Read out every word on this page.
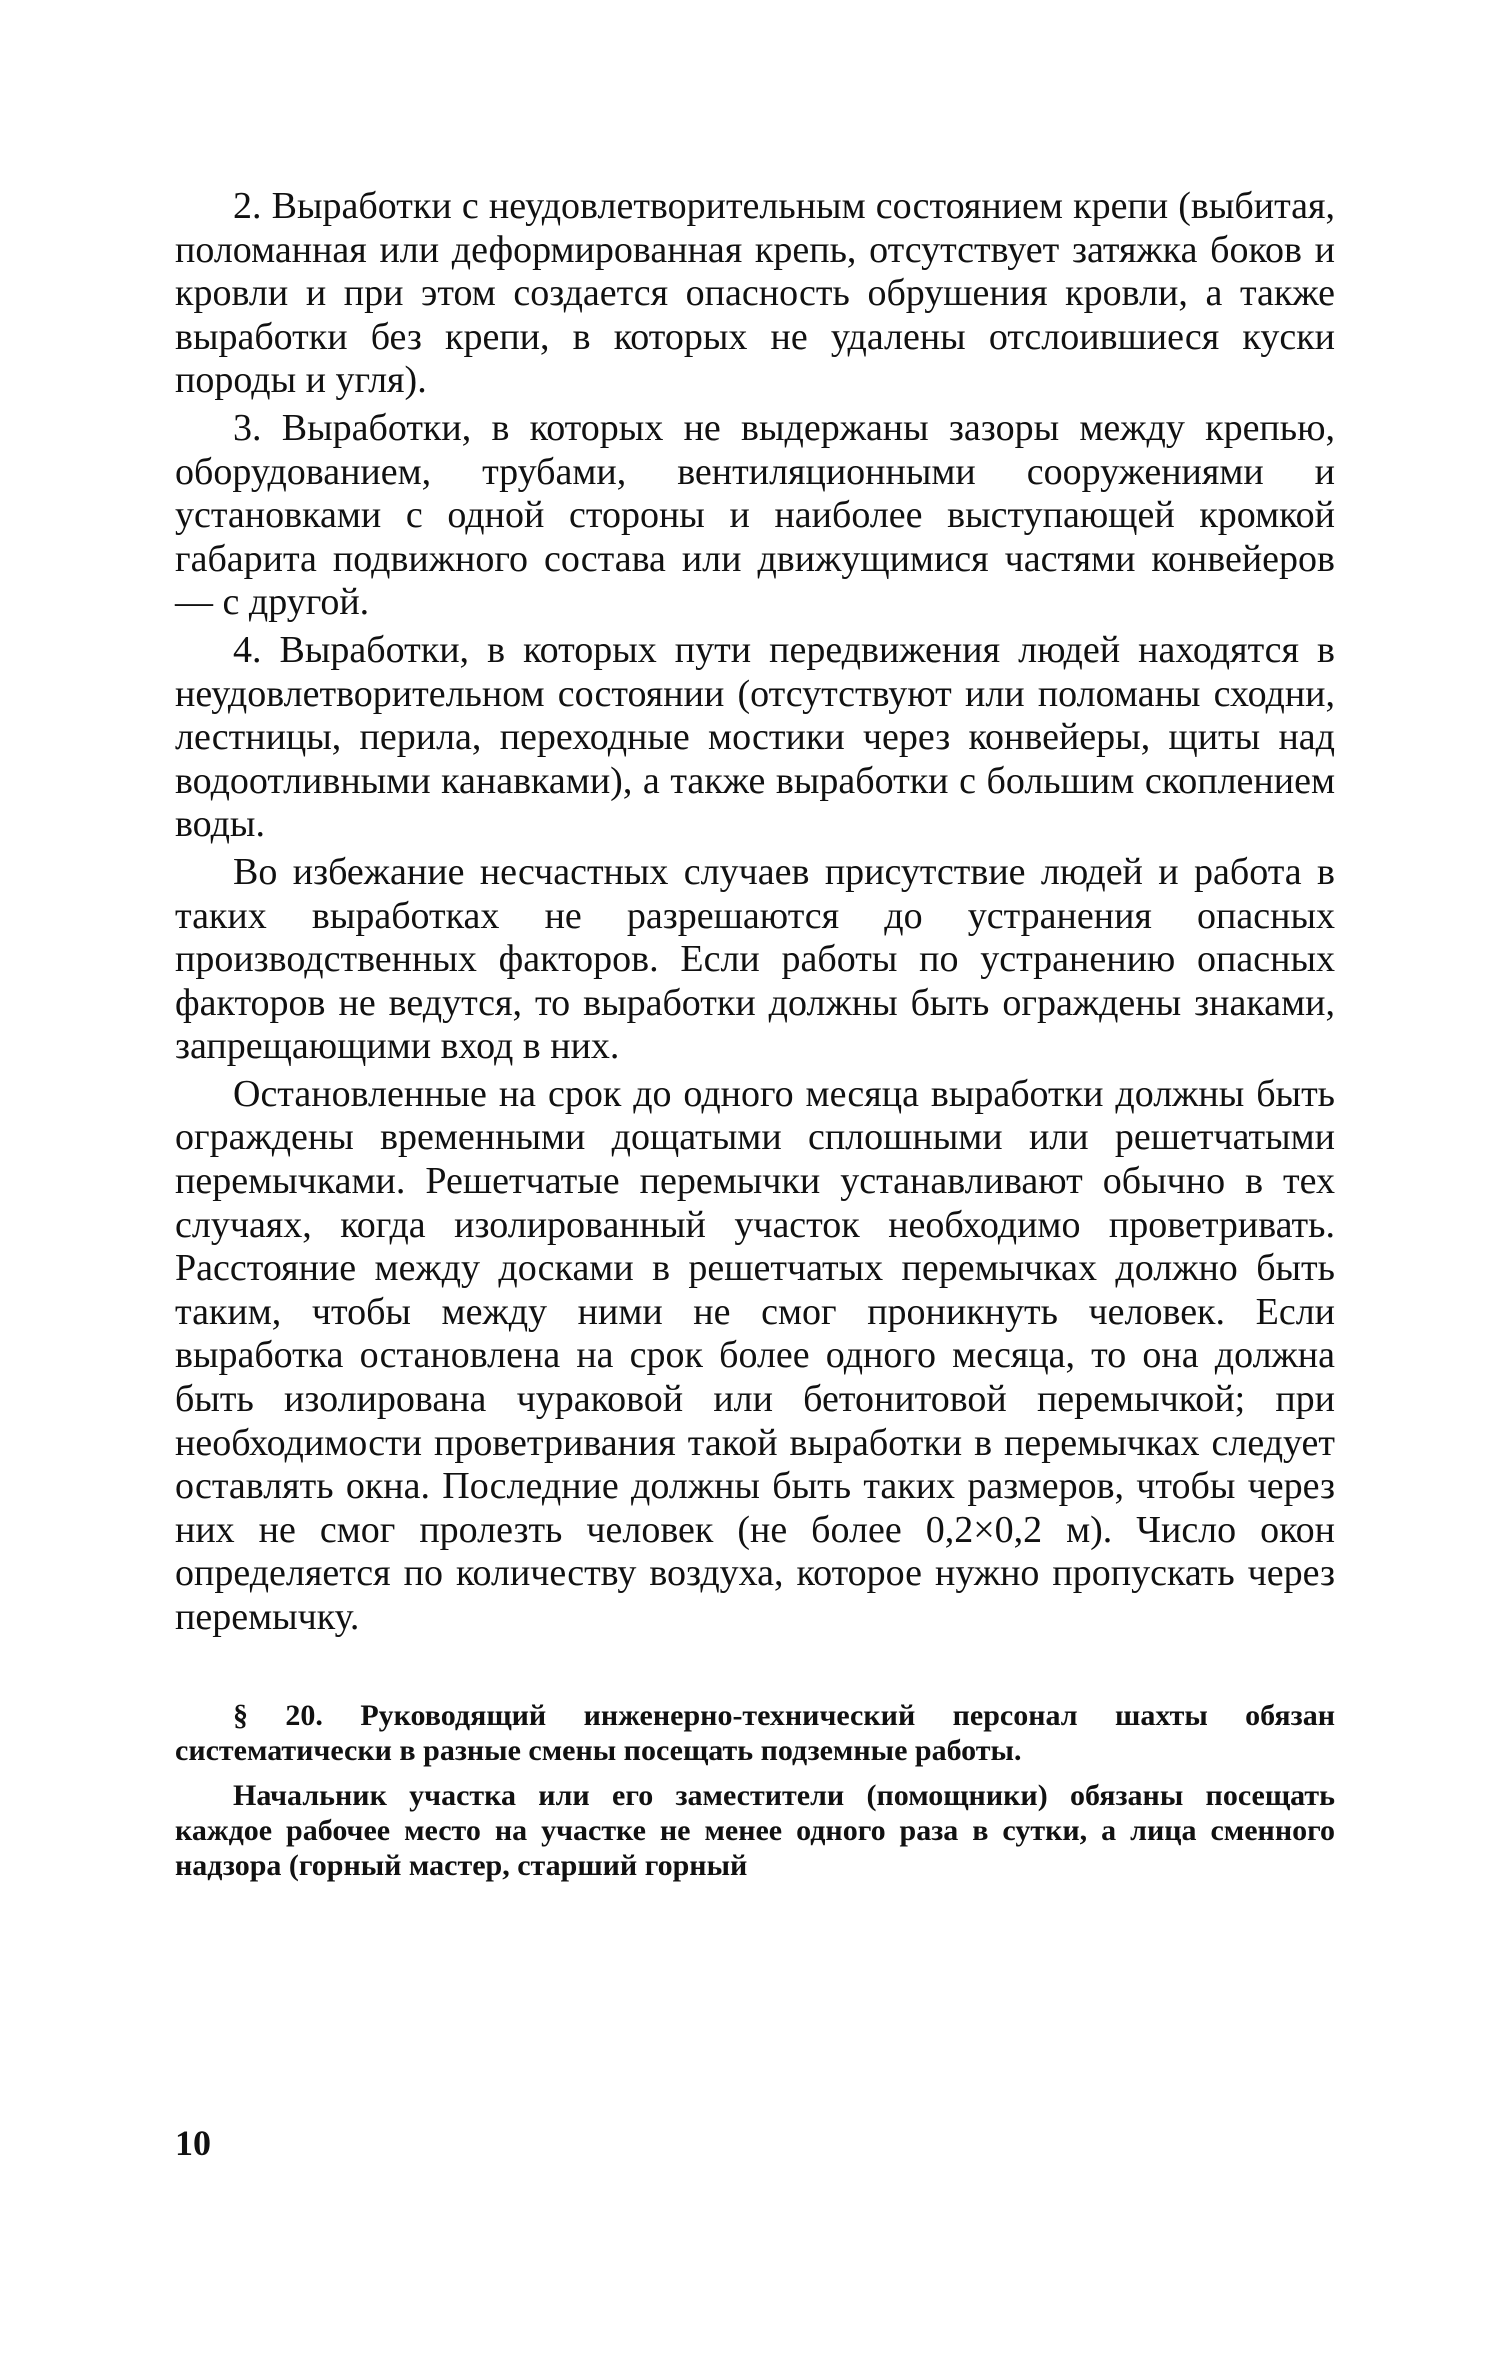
2. Выработки с неудовлетворительным состоянием крепи (выбитая, поломанная или деформированная крепь, отсутствует затяжка боков и кровли и при этом создается опасность обрушения кровли, а также выработки без крепи, в которых не удалены отслоившиеся куски породы и угля).

3. Выработки, в которых не выдержаны зазоры между крепью, оборудованием, трубами, вентиляционными сооружениями и установками с одной стороны и наиболее выступающей кромкой габарита подвижного состава или движущимися частями конвейеров — с другой.

4. Выработки, в которых пути передвижения людей находятся в неудовлетворительном состоянии (отсутствуют или поломаны сходни, лестницы, перила, переходные мостики через конвейеры, щиты над водоотливными канавками), а также выработки с большим скоплением воды.

Во избежание несчастных случаев присутствие людей и работа в таких выработках не разрешаются до устранения опасных производственных факторов. Если работы по устранению опасных факторов не ведутся, то выработки должны быть ограждены знаками, запрещающими вход в них.

Остановленные на срок до одного месяца выработки должны быть ограждены временными дощатыми сплошными или решетчатыми перемычками. Решетчатые перемычки устанавливают обычно в тех случаях, когда изолированный участок необходимо проветривать. Расстояние между досками в решетчатых перемычках должно быть таким, чтобы между ними не смог проникнуть человек. Если выработка остановлена на срок более одного месяца, то она должна быть изолирована чураковой или бетонитовой перемычкой; при необходимости проветривания такой выработки в перемычках следует оставлять окна. Последние должны быть таких размеров, чтобы через них не смог пролезть человек (не более 0,2×0,2 м). Число окон определяется по количеству воздуха, которое нужно пропускать через перемычку.

§ 20. Руководящий инженерно-технический персонал шахты обязан систематически в разные смены посещать подземные работы.

Начальник участка или его заместители (помощники) обязаны посещать каждое рабочее место на участке не менее одного раза в сутки, а лица сменного надзора (горный мастер, старший горный

10
